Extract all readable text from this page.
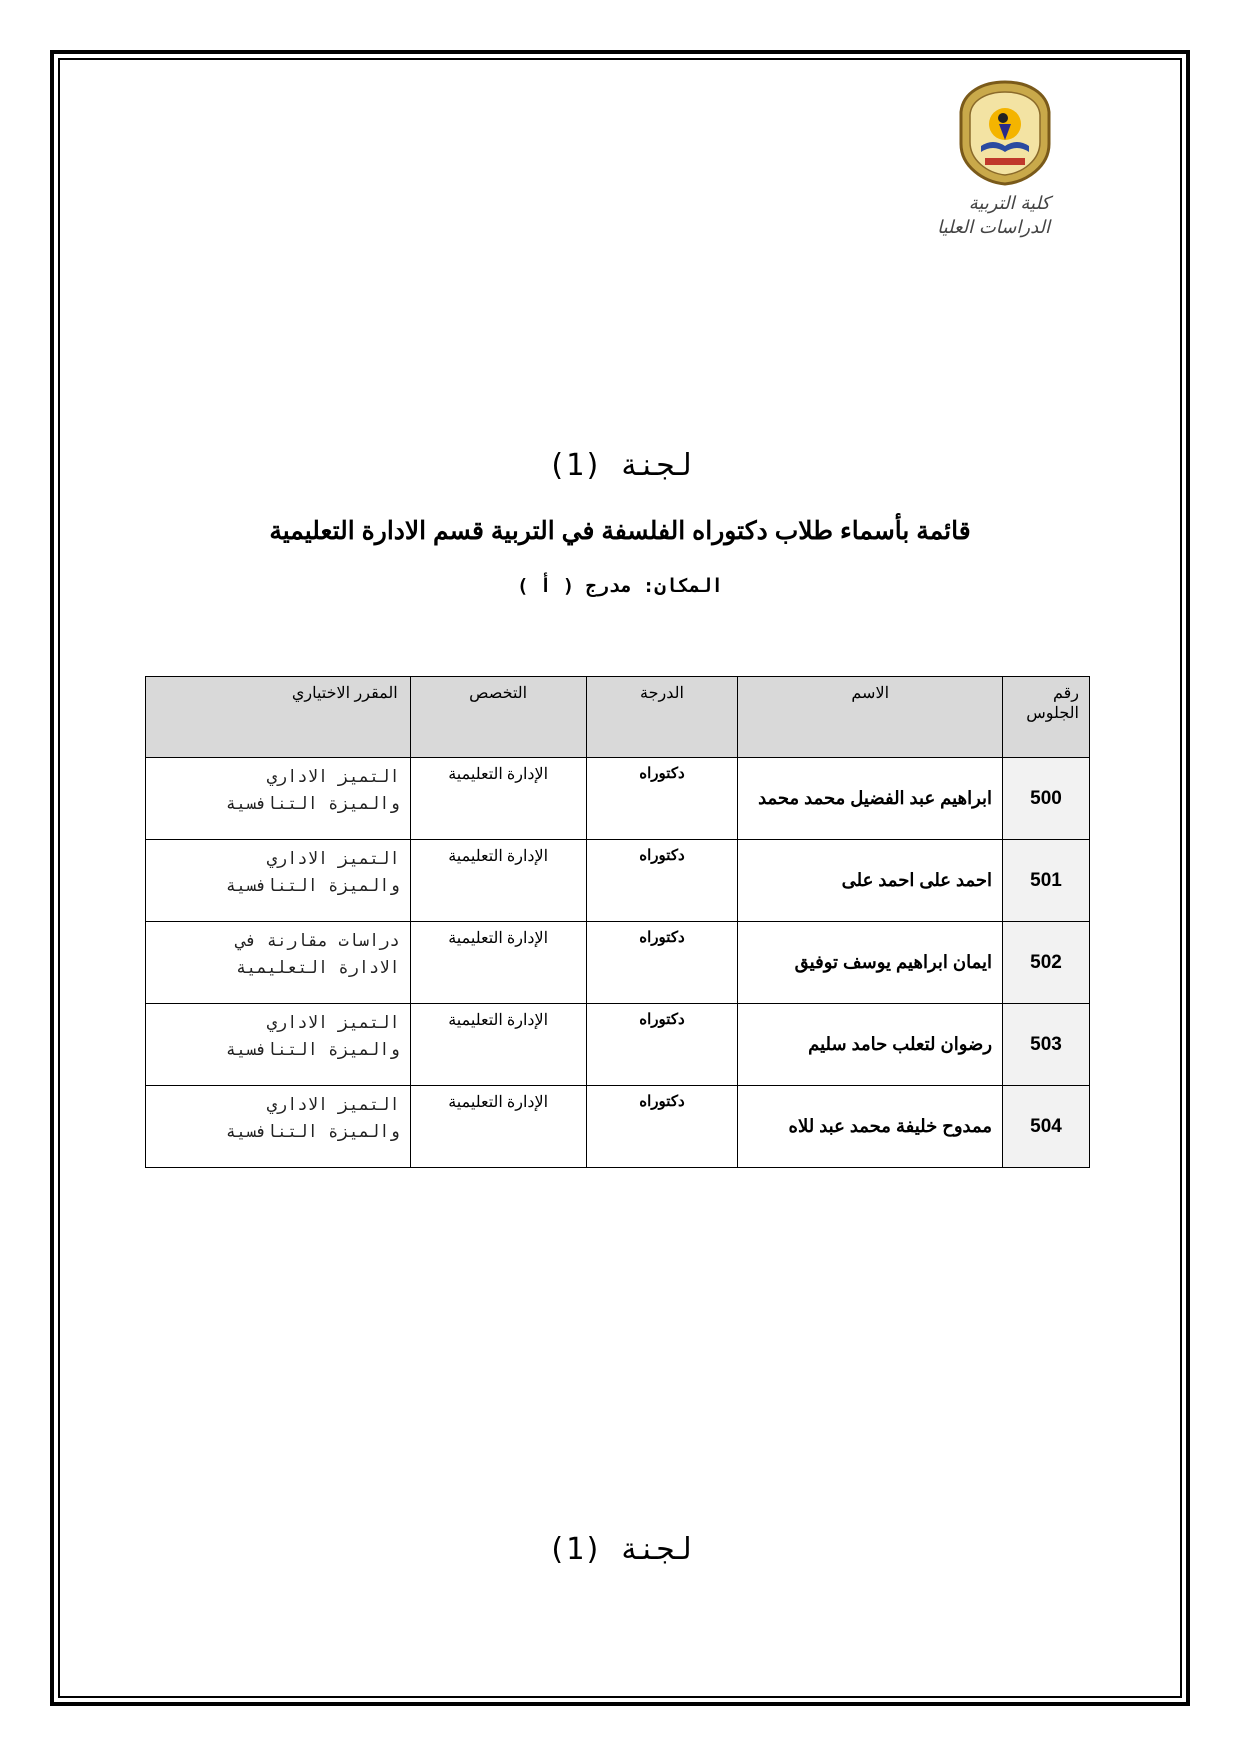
كلية التربية
الدراسات العليا
لجنة (1)
قائمة بأسماء طلاب دكتوراه الفلسفة في التربية قسم الادارة التعليمية
المكان: مدرج ( أ )
رقم الجلوس	الاسم	الدرجة	التخصص	المقرر الاختياري
500	ابراهيم عبد الفضيل محمد محمد	دكتوراه	الإدارة التعليمية	التميز الاداري
والميزة التنافسية

501	احمد على احمد على	دكتوراه	الإدارة التعليمية	التميز الاداري
والميزة التنافسية

502	ايمان ابراهيم يوسف توفيق	دكتوراه	الإدارة التعليمية	دراسات مقارنة في
الادارة التعليمية

503	رضوان لتعلب حامد سليم	دكتوراه	الإدارة التعليمية	التميز الاداري
والميزة التنافسية

504	ممدوح خليفة محمد عبد للاه	دكتوراه	الإدارة التعليمية	التميز الاداري
والميزة التنافسية
لجنة (1)
